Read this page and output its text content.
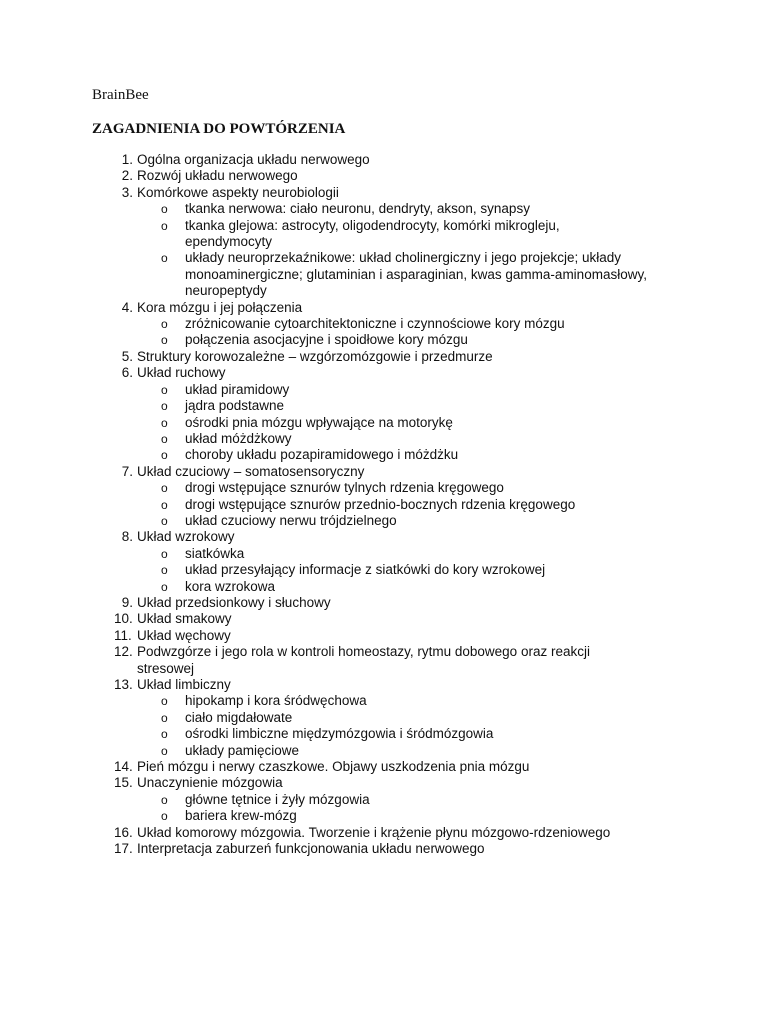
BrainBee
ZAGADNIENIA DO POWTÓRZENIA
1. Ogólna organizacja układu nerwowego
2. Rozwój układu nerwowego
3. Komórkowe aspekty neurobiologii
o tkanka nerwowa: ciało neuronu, dendryty, akson, synapsy
o tkanka glejowa: astrocyty, oligodendrocyty, komórki mikrogleju, ependymocyty
o układy neuroprzekaźnikowe: układ cholinergiczny i jego projekcje; układy monoaminergiczne; glutaminian i asparaginian, kwas gamma-aminomasłowy, neuropeptydy
4. Kora mózgu i jej połączenia
o zróżnicowanie cytoarchitektoniczne i czynnościowe kory mózgu
o połączenia asocjacyjne i spoidłowe kory mózgu
5. Struktury korowozależne – wzgórzomózgowie i przedmurze
6. Układ ruchowy
o układ piramidowy
o jądra podstawne
o ośrodki pnia mózgu wpływające na motorykę
o układ móżdżkowy
o choroby układu pozapiramidowego i móżdżku
7. Układ czuciowy – somatosensoryczny
o drogi wstępujące sznurów tylnych rdzenia kręgowego
o drogi wstępujące sznurów przednio-bocznych rdzenia kręgowego
o układ czuciowy nerwu trójdzielnego
8. Układ wzrokowy
o siatkówka
o układ przesyłający informacje z siatkówki do kory wzrokowej
o kora wzrokowa
9. Układ przedsionkowy i słuchowy
10. Układ smakowy
11. Układ węchowy
12. Podwzgórze i jego rola w kontroli homeostazy, rytmu dobowego oraz reakcji stresowej
13. Układ limbiczny
o hipokamp i kora śródwęchowa
o ciało migdałowate
o ośrodki limbiczne międzymózgowia i śródmózgowia
o układy pamięciowe
14. Pień mózgu i nerwy czaszkowe. Objawy uszkodzenia pnia mózgu
15. Unaczynienie mózgowia
o główne tętnice i żyły mózgowia
o bariera krew-mózg
16. Układ komorowy mózgowia. Tworzenie i krążenie płynu mózgowo-rdzeniowego
17. Interpretacja zaburzeń funkcjonowania układu nerwowego
